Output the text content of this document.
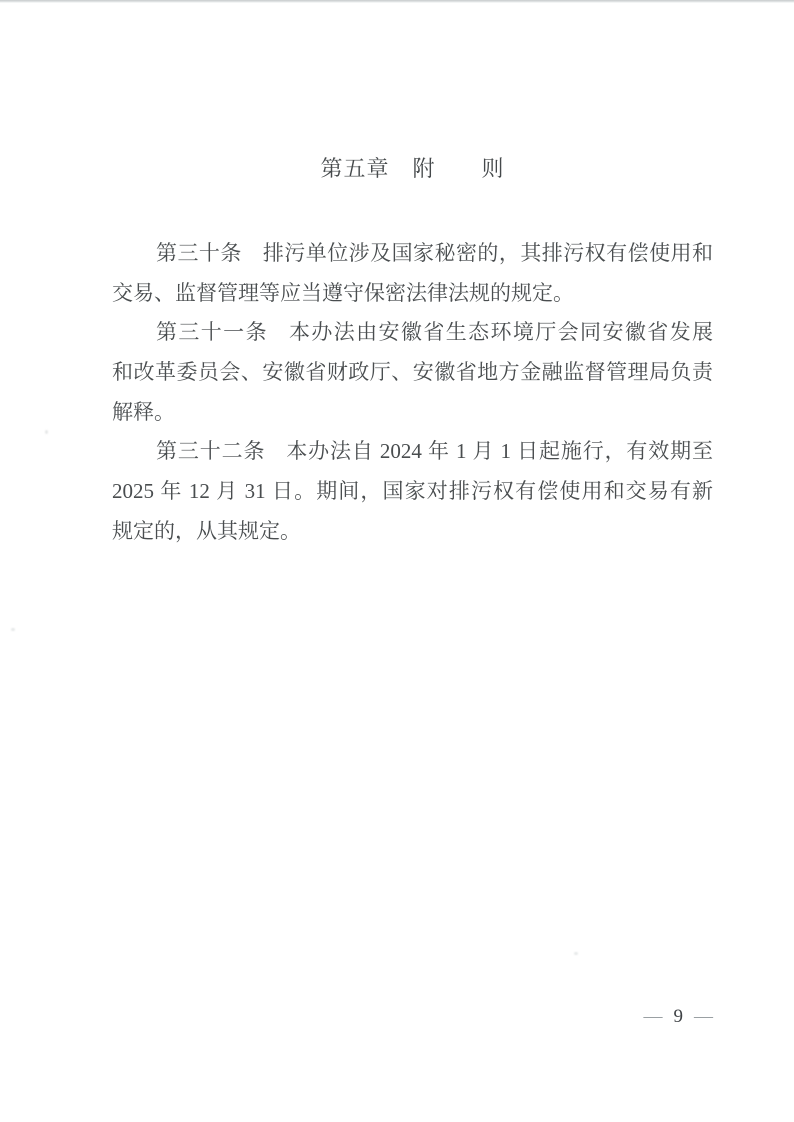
第五章　附　　则

第三十条 排污单位涉及国家秘密的，其排污权有偿使用和
交易、监督管理等应当遵守保密法律法规的规定。

第三十一条 本办法由安徽省生态环境厅会同安徽省发展
和改革委员会、安徽省财政厅、安徽省地方金融监督管理局负责
解释。

第三十二条 本办法自 2024 年 1 月 1 日起施行，有效期至
2025 年 12 月 31 日。期间，国家对排污权有偿使用和交易有新
规定的，从其规定。

— 9 —
